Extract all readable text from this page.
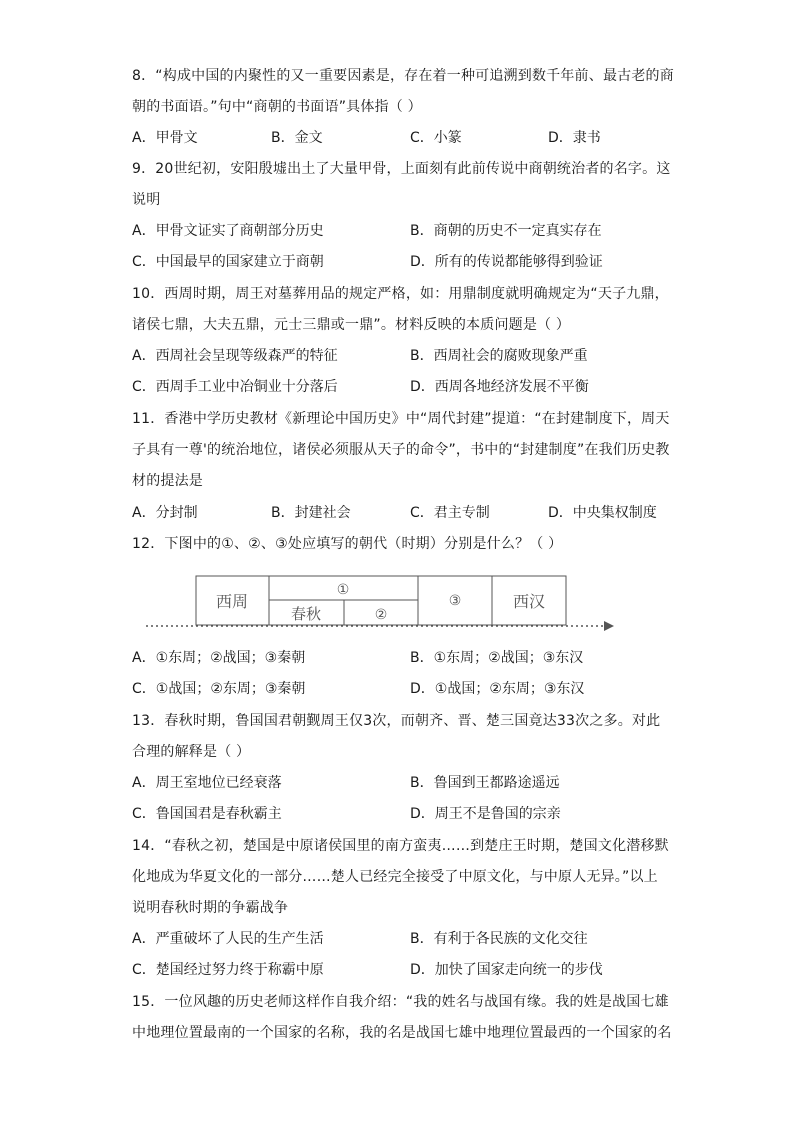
8．“构成中国的内聚性的又一重要因素是，存在着一种可追溯到数千年前、最古老的商
朝的书面语。”句中“商朝的书面语”具体指（ ）
A．甲骨文	B．金文	C．小篆	D．隶书
9．20世纪初，安阳殷墟出土了大量甲骨，上面刻有此前传说中商朝统治者的名字。这
说明
A．甲骨文证实了商朝部分历史	B．商朝的历史不一定真实存在
C．中国最早的国家建立于商朝	D．所有的传说都能够得到验证
10．西周时期，周王对墓葬用品的规定严格，如：用鼎制度就明确规定为“天子九鼎，
诸侯七鼎，大夫五鼎，元士三鼎或一鼎”。材料反映的本质问题是（ ）
A．西周社会呈现等级森严的特征	B．西周社会的腐败现象严重
C．西周手工业中冶铜业十分落后	D．西周各地经济发展不平衡
11．香港中学历史教材《新理论中国历史》中“周代封建”提道：“在封建制度下，周天
子具有一尊'的统治地位，诸侯必须服从天子的命令”，书中的“封建制度”在我们历史教
材的提法是
A．分封制	B．封建社会	C．君主专制	D．中央集权制度
12．下图中的①、②、③处应填写的朝代（时期）分别是什么？（ ）
西周
①
春秋	②
③	西汉
A．①东周；②战国；③秦朝	B．①东周；②战国；③东汉
C．①战国；②东周；③秦朝	D．①战国；②东周；③东汉
13．春秋时期，鲁国国君朝觐周王仅3次，而朝齐、晋、楚三国竟达33次之多。对此
合理的解释是（ ）
A．周王室地位已经衰落	B．鲁国到王都路途遥远
C．鲁国国君是春秋霸主	D．周王不是鲁国的宗亲
14．“春秋之初，楚国是中原诸侯国里的南方蛮夷……到楚庄王时期，楚国文化潜移默
化地成为华夏文化的一部分……楚人已经完全接受了中原文化，与中原人无异。”以上
说明春秋时期的争霸战争
A．严重破坏了人民的生产生活	B．有利于各民族的文化交往
C．楚国经过努力终于称霸中原	D．加快了国家走向统一的步伐
15．一位风趣的历史老师这样作自我介绍：“我的姓名与战国有缘。我的姓是战国七雄
中地理位置最南的一个国家的名称，我的名是战国七雄中地理位置最西的一个国家的名
